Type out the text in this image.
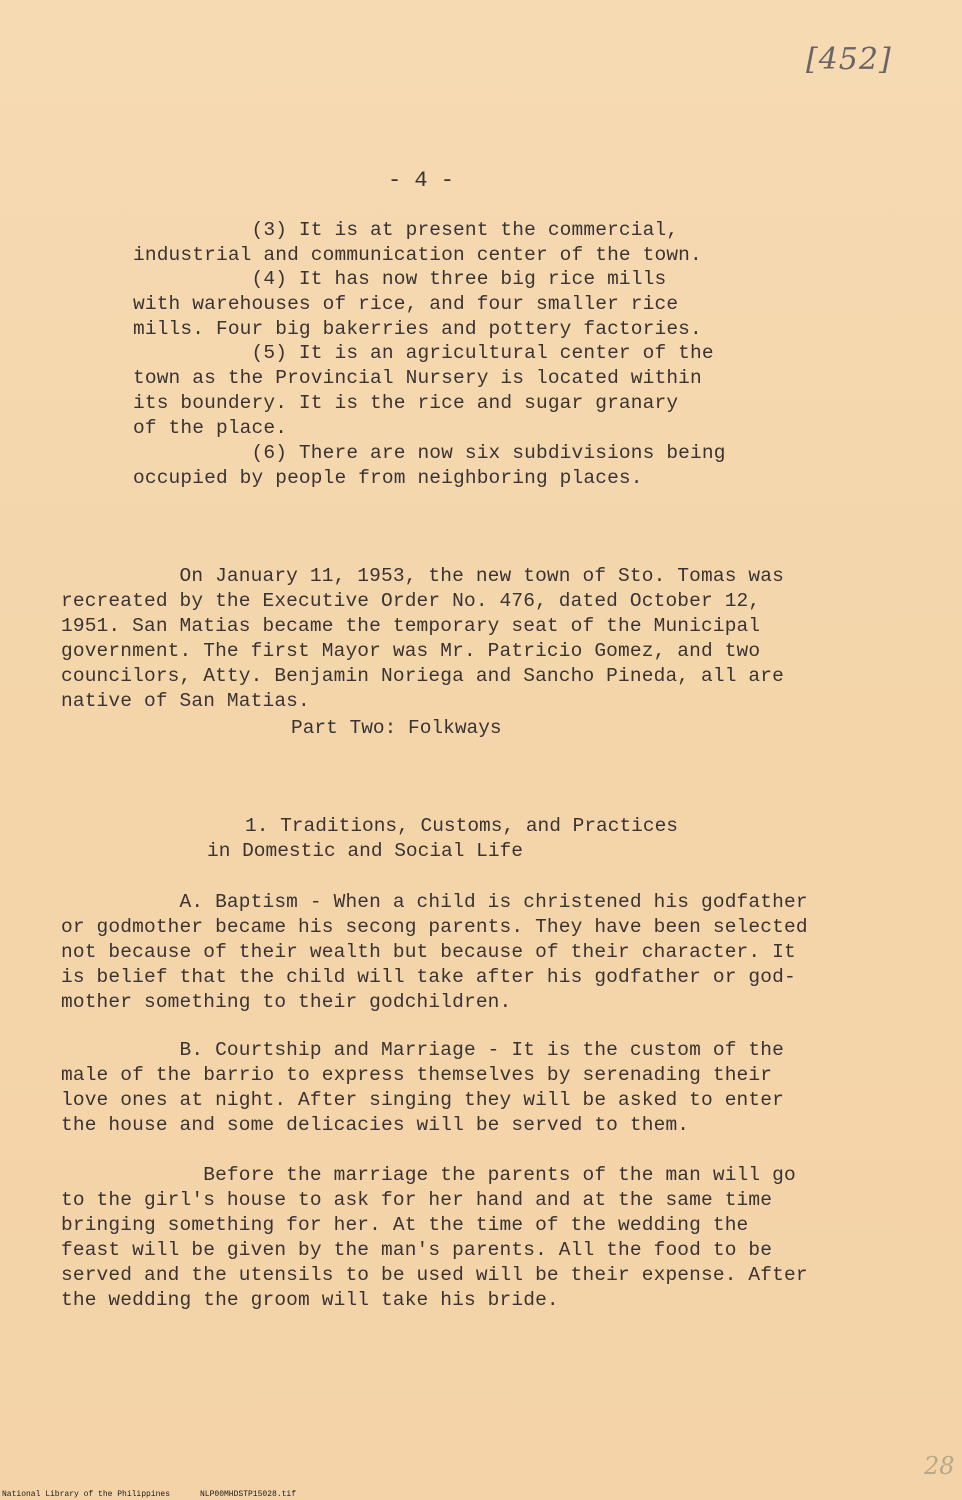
[452]
- 4 -
(3) It is at present the commercial,
industrial and communication center of the town.
(4) It has now three big rice mills
with warehouses of rice, and four smaller rice
mills. Four big bakerries and pottery factories.
(5) It is an agricultural center of the
town as the Provincial Nursery is located within
its boundery. It is the rice and sugar granary
of the place.
(6) There are now six subdivisions being
occupied by people from neighboring places.

On January 11, 1953, the new town of Sto. Tomas was
recreated by the Executive Order No. 476, dated October 12,
1951. San Matias became the temporary seat of the Municipal
government. The first Mayor was Mr. Patricio Gomez, and two
councilors, Atty. Benjamin Noriega and Sancho Pineda, all are
native of San Matias.

Part Two: Folkways

1. Traditions, Customs, and Practices
in Domestic and Social Life

A. Baptism - When a child is christened his godfather
or godmother became his secong parents. They have been selected
not because of their wealth but because of their character. It
is belief that the child will take after his godfather or god-
mother something to their godchildren.

B. Courtship and Marriage - It is the custom of the
male of the barrio to express themselves by serenading their
love ones at night. After singing they will be asked to enter
the house and some delicacies will be served to them.

Before the marriage the parents of the man will go
to the girl's house to ask for her hand and at the same time
bringing something for her. At the time of the wedding the
feast will be given by the man's parents. All the food to be
served and the utensils to be used will be their expense. After
the wedding the groom will take his bride.

28
National Library of the Philippines	NLP00MHDSTP15028.tif
